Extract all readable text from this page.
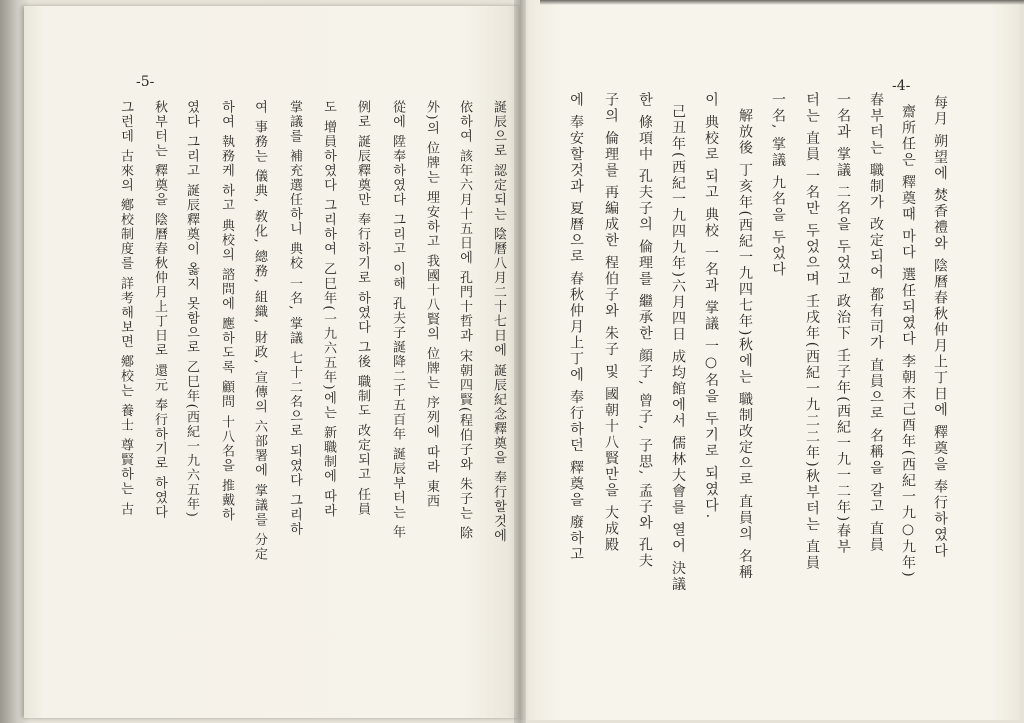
-5-
誕辰으로 認定되는 陰曆八月二十七日에 誕辰紀念釋奠을 奉行할것에
依하여 該年六月十五日에 孔門十哲과 宋朝四賢(程伯子와 朱子는 除
外)의 位牌는 埋安하고 我國十八賢의 位牌는 序列에 따라 東西
從에 陞奉하였다 그리고 이해 孔夫子誕降二千五百年 誕辰부터는 年
例로 誕辰釋奠만 奉行하기로 하였다 그後 職制도 改定되고 任員
도 增員하였다 그리하여 乙巳年(一九六五年)에는 新職制에 따라
掌議를 補充選任하니 典校 一名, 掌議 七十二名으로 되였다 그리하
여 事務는 儀典, 敎化, 總務, 組織, 財政, 宣傳의 六部署에 掌議를 分定
하여 執務케 하고 典校의 諮問에 應하도록 顧問 十八名을 推戴하
였다 그리고 誕辰釋奠이 옳지 못함으로 乙巳年(西紀一九六五年)
秋부터는 釋奠을 陰曆春秋仲月上丁日로 還元 奉行하기로 하였다
그런데 古來의 鄕校制度를 詳考해보면 鄕校는 養士 尊賢하는 古
-4-
每月 朔望에 焚香禮와 陰曆春秋仲月上丁日에 釋奠을 奉行하였다
齋所任은 釋奠때 마다 選任되였다 李朝末己酉年(西紀一九○九年)
春부터는 職制가 改定되어 都有司가 直員으로 名稱을 갈고 直員
一名과 掌議 二名을 두었고 政治下 壬子年(西紀一九一二年)春부
터는 直員 一名만 두었으며 壬戌年(西紀一九二二年)秋부터는 直員
一名, 掌議 九名을 두었다
解放後 丁亥年(西紀一九四七年)秋에는 職制改定으로 直員의 名稱
이 典校로 되고 典校 一名과 掌議 一○名을 두기로 되였다.
己丑年(西紀一九四九年)六月四日 成均館에서 儒林大會를 열어 決議
한 條項中 孔夫子의 倫理를 繼承한 顔子, 曾子, 子思, 孟子와 孔夫
子의 倫理를 再編成한 程伯子와 朱子 및 國朝十八賢만을 大成殿
에 奉安할것과 夏曆으로 春秋仲月上丁에 奉行하던 釋奠을 廢하고
